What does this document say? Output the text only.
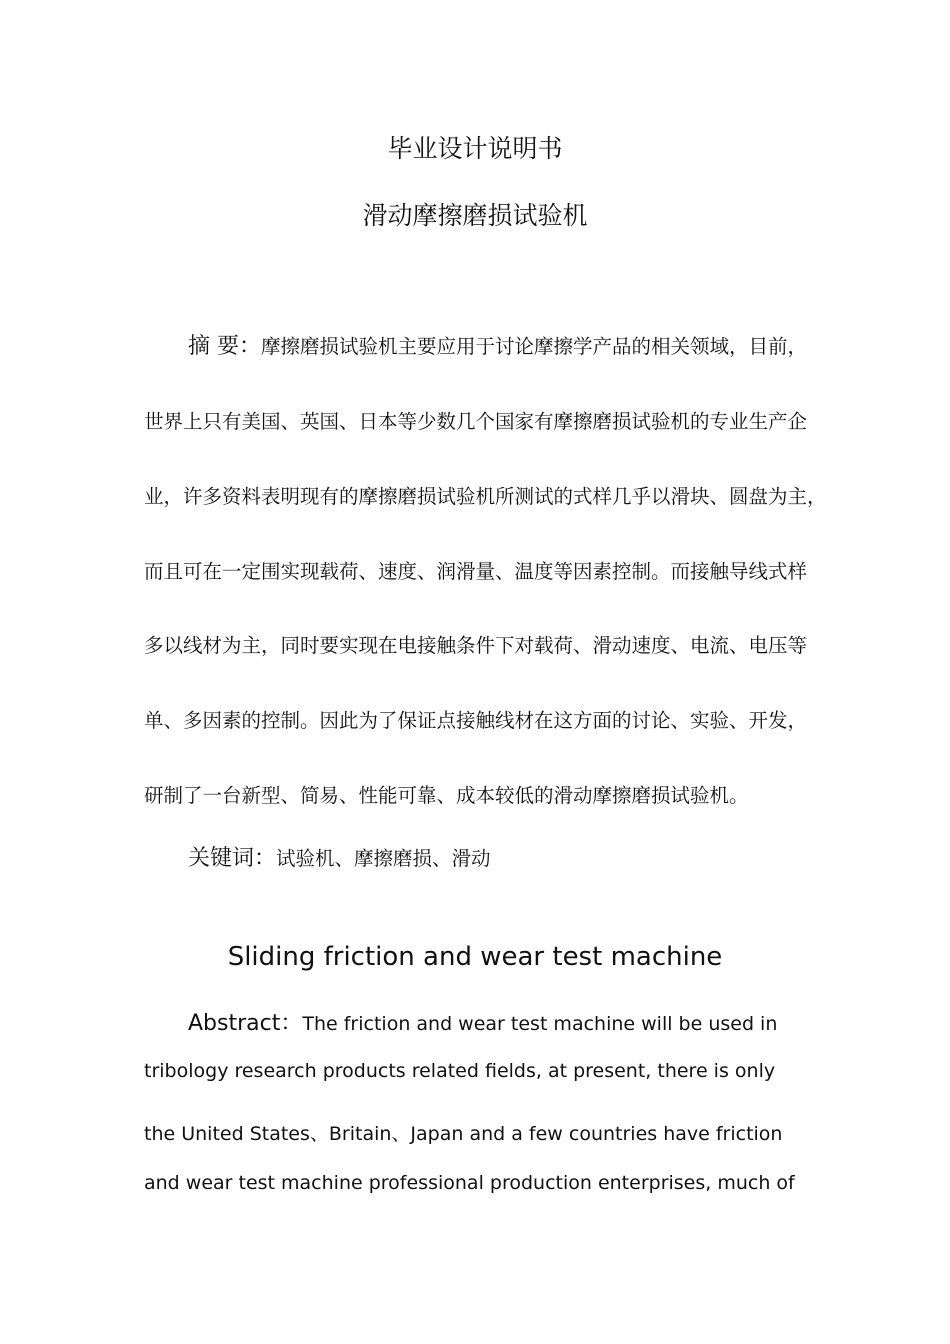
毕业设计说明书
滑动摩擦磨损试验机
摘 要：摩擦磨损试验机主要应用于讨论摩擦学产品的相关领域，目前，
世界上只有美国、英国、日本等少数几个国家有摩擦磨损试验机的专业生产企
业，许多资料表明现有的摩擦磨损试验机所测试的式样几乎以滑块、圆盘为主，
而且可在一定围实现载荷、速度、润滑量、温度等因素控制。而接触导线式样
多以线材为主，同时要实现在电接触条件下对载荷、滑动速度、电流、电压等
单、多因素的控制。因此为了保证点接触线材在这方面的讨论、实验、开发，
研制了一台新型、简易、性能可靠、成本较低的滑动摩擦磨损试验机。
关键词：试验机、摩擦磨损、滑动
Sliding friction and wear test machine
Abstract：The friction and wear test machine will be used in
tribology research products related fields, at present, there is only
the United States、Britain、Japan and a few countries have friction
and wear test machine professional production enterprises, much of
